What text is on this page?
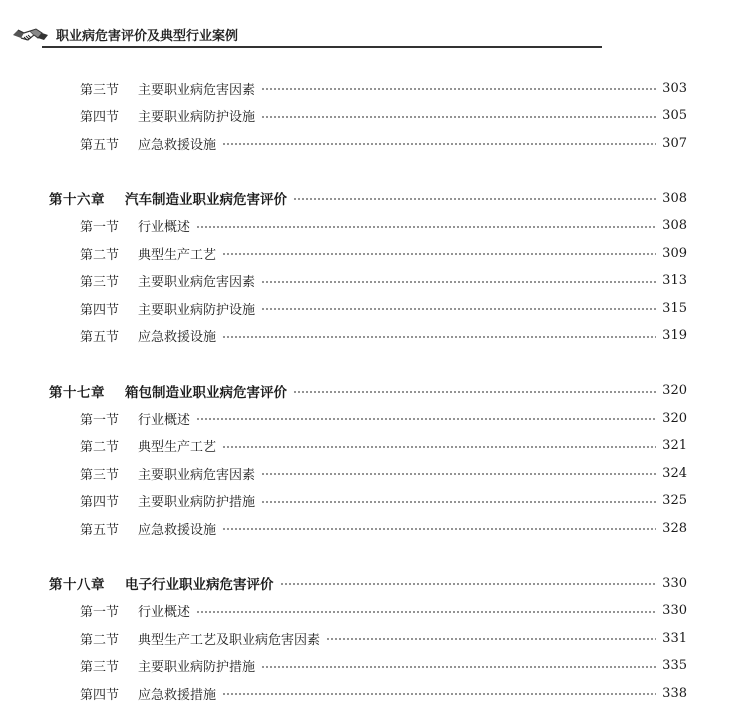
职业病危害评价及典型行业案例
第三节	主要职业病危害因素	303
第四节	主要职业病防护设施	305
第五节	应急救援设施	307
第十六章	汽车制造业职业病危害评价	308
第一节	行业概述	308
第二节	典型生产工艺	309
第三节	主要职业病危害因素	313
第四节	主要职业病防护设施	315
第五节	应急救援设施	319
第十七章	箱包制造业职业病危害评价	320
第一节	行业概述	320
第二节	典型生产工艺	321
第三节	主要职业病危害因素	324
第四节	主要职业病防护措施	325
第五节	应急救援设施	328
第十八章	电子行业职业病危害评价	330
第一节	行业概述	330
第二节	典型生产工艺及职业病危害因素	331
第三节	主要职业病防护措施	335
第四节	应急救援措施	338
